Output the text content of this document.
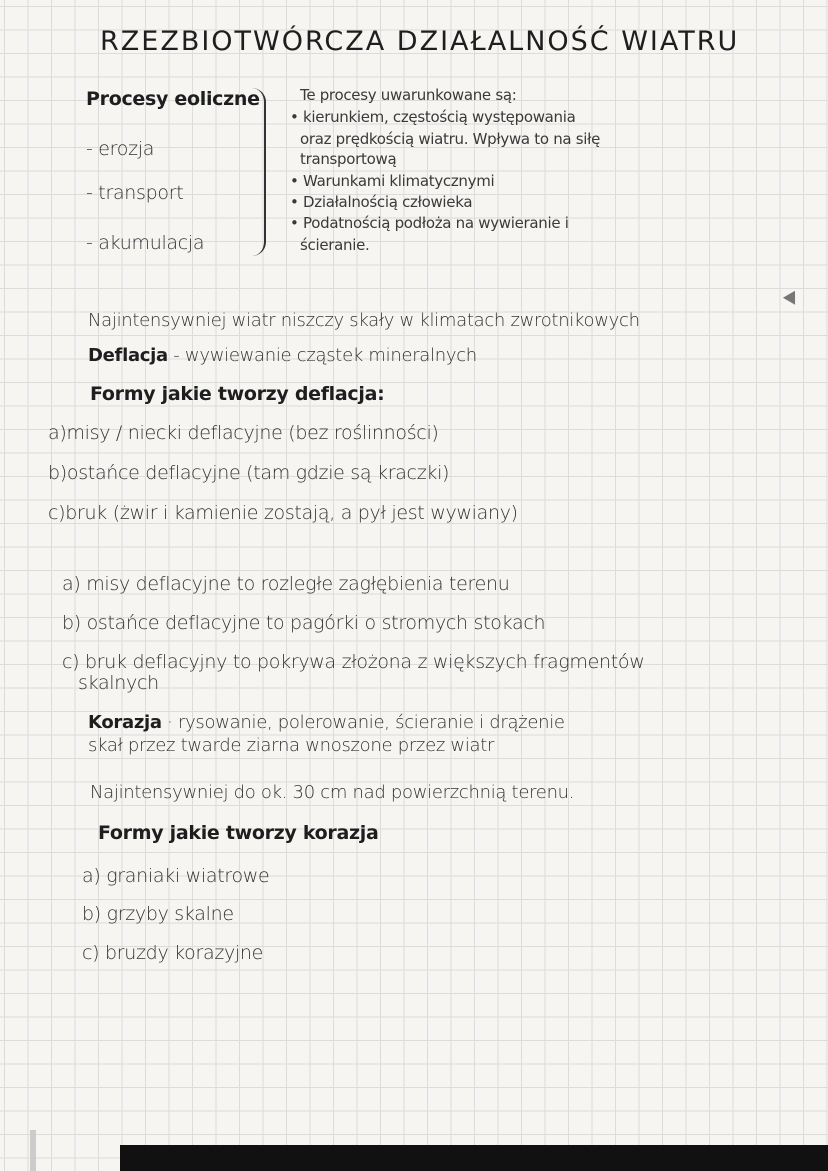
RZEZBIOTWÓRCZA DZIAŁALNOŚĆ WIATRU
Procesy eoliczne
- erozja
- transport
- akumulacja
Te procesy uwarunkowane są:
• kierunkiem, częstością występowania
oraz prędkością wiatru. Wpływa to na siłę
transportową
• Warunkami klimatycznymi
• Działalnością człowieka
• Podatnością podłoża na wywieranie i
ścieranie.
Najintensywniej wiatr niszczy skały w klimatach zwrotnikowych
Deflacja - wywiewanie cząstek mineralnych
Formy jakie tworzy deflacja:
a)misy / niecki deflacyjne (bez roślinności)
b)ostańce deflacyjne (tam gdzie są kraczki)
c)bruk (żwir i kamienie zostają, a pył jest wywiany)
a) misy deflacyjne to rozległe zagłębienia terenu
b) ostańce deflacyjne to pagórki o stromych stokach
c) bruk deflacyjny to pokrywa złożona z większych fragmentów
skalnych
Korazja · rysowanie, polerowanie, ścieranie i drążenie
skał przez twarde ziarna wnoszone przez wiatr
Najintensywniej do ok. 30 cm nad powierzchnią terenu.
Formy jakie tworzy korazja
a) graniaki wiatrowe
b) grzyby skalne
c) bruzdy korazyjne
